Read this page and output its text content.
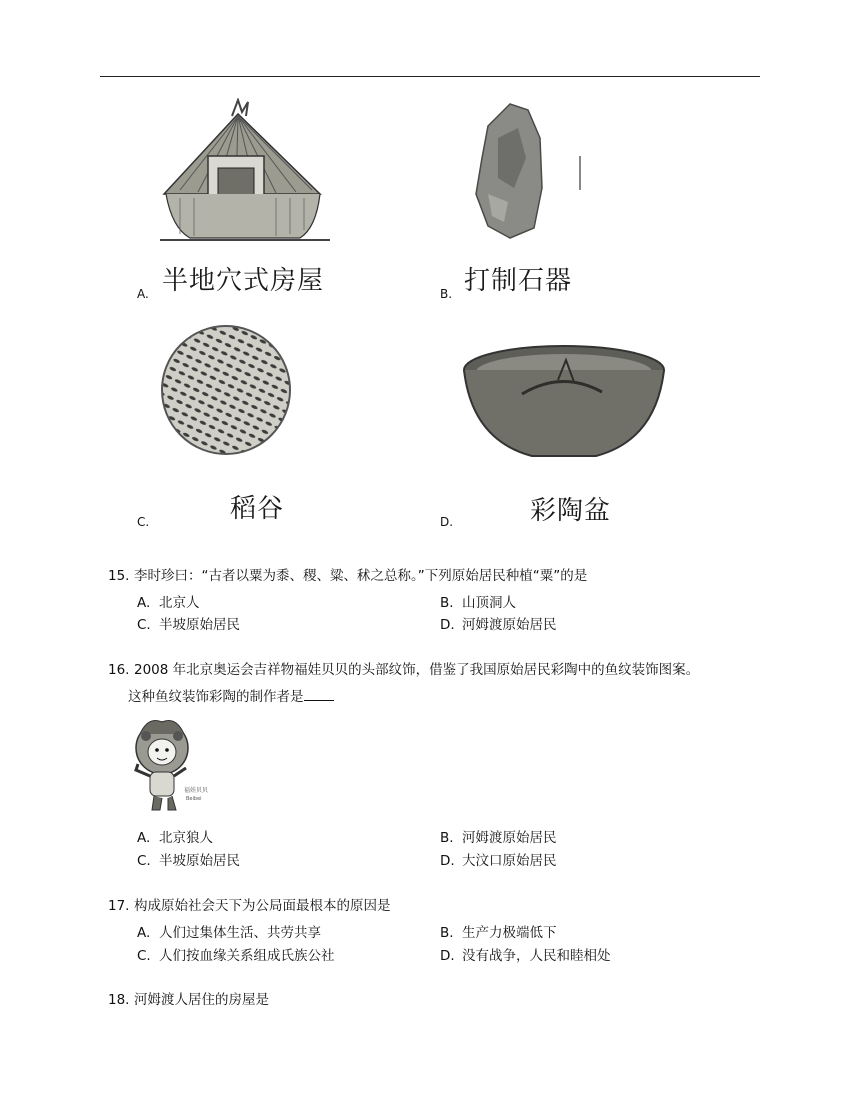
半地穴式房屋
A.	打制石器
B.
稻谷
C.	彩陶盆
D.
15. 李时珍曰：“古者以粟为黍、稷、粱、秫之总称。”下列原始居民种植“粟”的是
A. 北京人	B. 山顶洞人
C. 半坡原始居民	D. 河姆渡原始居民
16. 2008 年北京奥运会吉祥物福娃贝贝的头部纹饰，借鉴了我国原始居民彩陶中的鱼纹装饰图案。
这种鱼纹装饰彩陶的制作者是
福娃贝贝
Beibei
A. 北京狼人	B. 河姆渡原始居民
C. 半坡原始居民	D. 大汶口原始居民
17. 构成原始社会天下为公局面最根本的原因是
A. 人们过集体生活、共劳共享	B. 生产力极端低下
C. 人们按血缘关系组成氏族公社	D. 没有战争，人民和睦相处
18. 河姆渡人居住的房屋是
